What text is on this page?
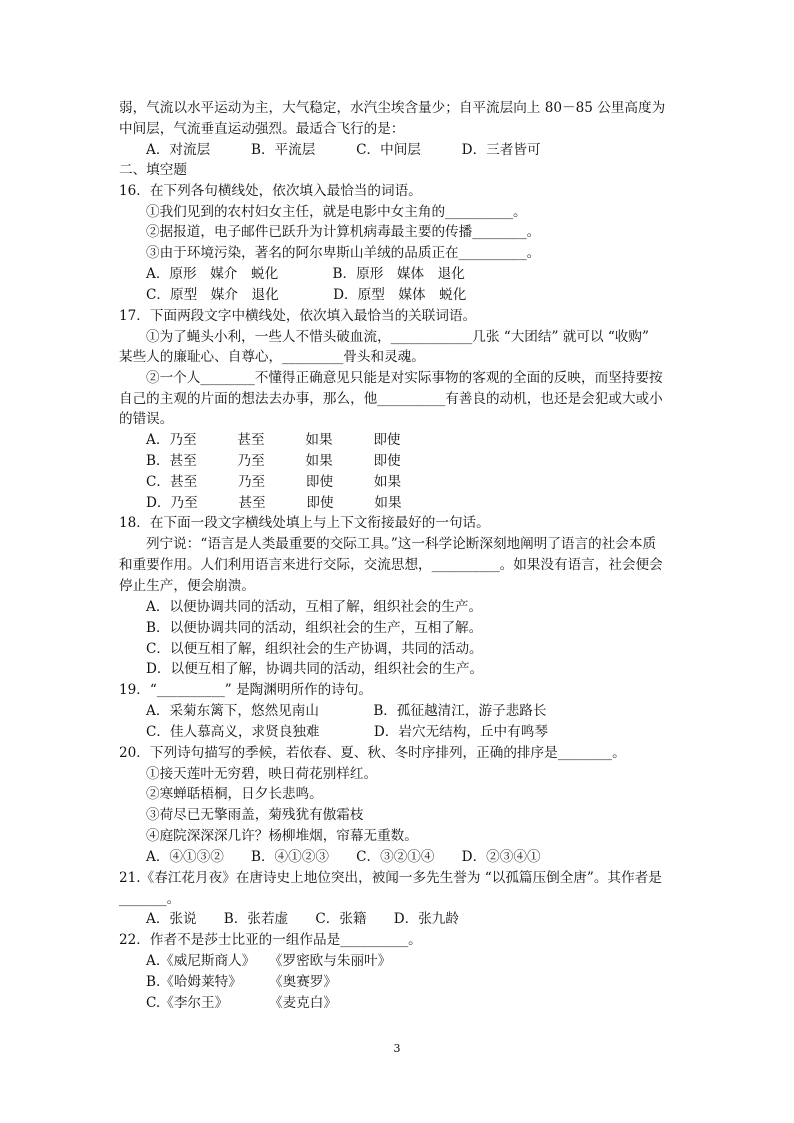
弱，气流以水平运动为主，大气稳定，水汽尘埃含量少；自平流层向上 80－85 公里高度为
中间层，气流垂直运动强烈。最适合飞行的是：
A．对流层　　　B．平流层　　　C．中间层　　　D．三者皆可
二、填空题
16．在下列各句横线处，依次填入最恰当的词语。
①我们见到的农村妇女主任，就是电影中女主角的__________。
②据报道，电子邮件已跃升为计算机病毒最主要的传播________。
③由于环境污染，著名的阿尔卑斯山羊绒的品质正在__________。
A．原形　媒介　蜕化　　　　B．原形　媒体　退化
C．原型　媒介　退化　　　　D．原型　媒体　蜕化
17．下面两段文字中横线处，依次填入最恰当的关联词语。
①为了蝇头小利，一些人不惜头破血流，____________几张 “大团结” 就可以 “收购”
某些人的廉耻心、自尊心，_________骨头和灵魂。
②一个人________不懂得正确意见只能是对实际事物的客观的全面的反映，而坚持要按
自己的主观的片面的想法去办事，那么，他__________有善良的动机，也还是会犯或大或小
的错误。
A．乃至　　　甚至　　　如果　　　即使
B．甚至　　　乃至　　　如果　　　即使
C．甚至　　　乃至　　　即使　　　如果
D．乃至　　　甚至　　　即使　　　如果
18．在下面一段文字横线处填上与上下文衔接最好的一句话。
列宁说：“语言是人类最重要的交际工具。”这一科学论断深刻地阐明了语言的社会本质
和重要作用。人们利用语言来进行交际，交流思想，__________。如果没有语言，社会便会
停止生产，便会崩溃。
A．以便协调共同的活动，互相了解，组织社会的生产。
B．以便协调共同的活动，组织社会的生产，互相了解。
C．以便互相了解，组织社会的生产协调，共同的活动。
D．以便互相了解，协调共同的活动，组织社会的生产。
19．“__________” 是陶渊明所作的诗句。
A．采菊东篱下，悠然见南山　　　　B．孤征越清江，游子悲路长
C．佳人慕高义，求贤良独难　　　　D．岩穴无结构，丘中有鸣琴
20．下列诗句描写的季候，若依春、夏、秋、冬时序排列，正确的排序是________。
①接天莲叶无穷碧，映日荷花别样红。
②寒蝉聒梧桐，日夕长悲鸣。
③荷尽已无擎雨盖，菊残犹有傲霜枝
④庭院深深深几许？杨柳堆烟，帘幕无重数。
A．④①③②　　B．④①②③　　C．③②①④　　D．②③④①
21.《春江花月夜》在唐诗史上地位突出，被闻一多先生誉为 “以孤篇压倒全唐”。其作者是
_______。
A．张说　　B．张若虚　　C．张籍　　D．张九龄
22．作者不是莎士比亚的一组作品是__________。
A.《威尼斯商人》　　《罗密欧与朱丽叶》
B.《哈姆莱特》　　　《奥赛罗》
C.《李尔王》　　　　《麦克白》
3
